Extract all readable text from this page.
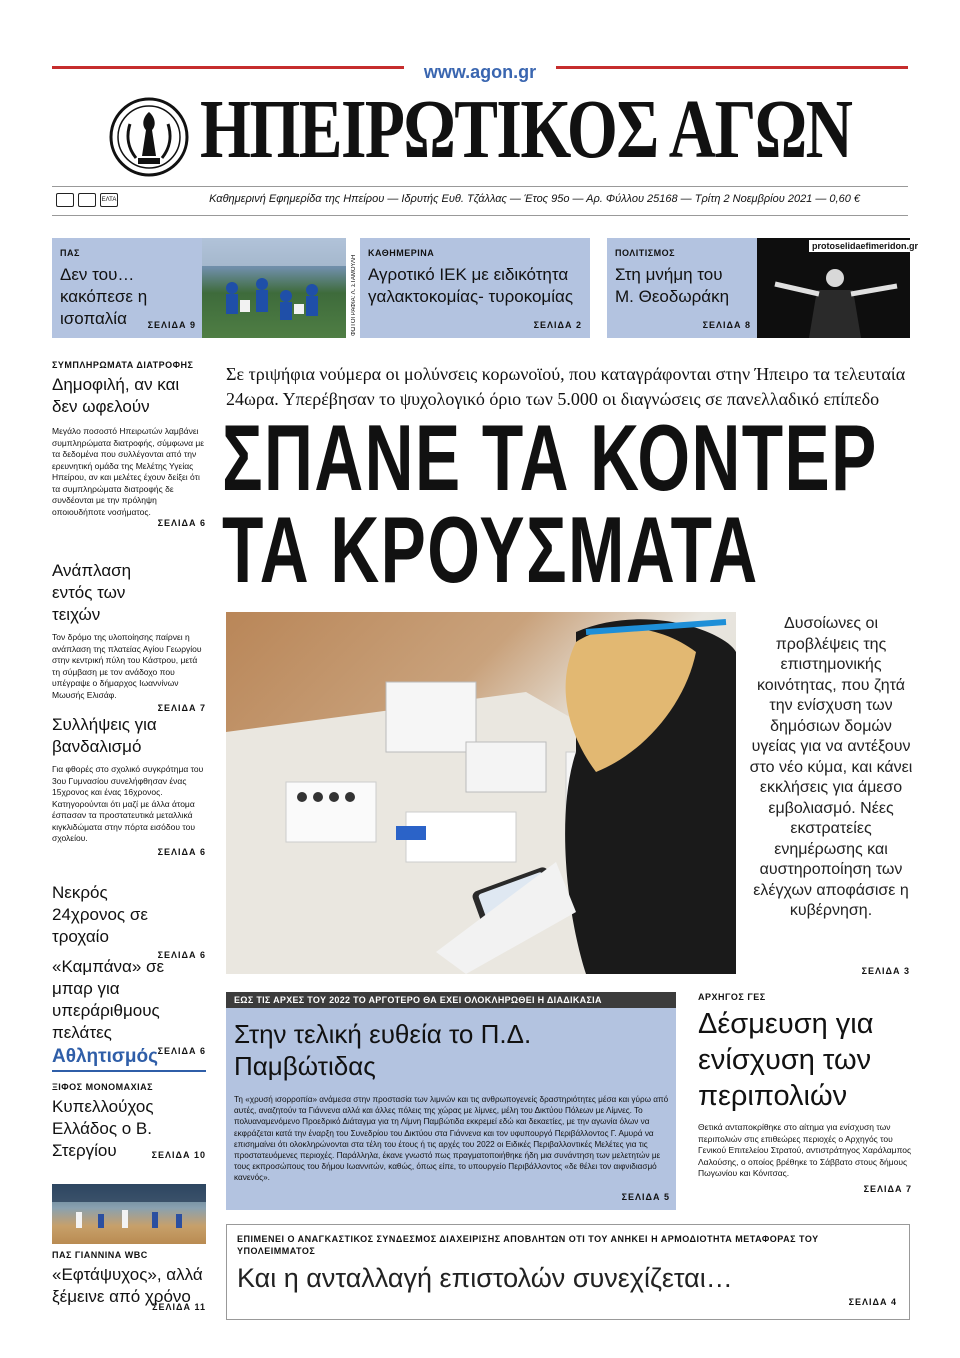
www.agon.gr
ΗΠΕΙΡΩΤΙΚΟΣ ΑΓΩΝ
ΕΛΤΑ	Καθημερινή Εφημερίδα της Ηπείρου — Ιδρυτής Ευθ. Τζάλλας — Έτος 95ο — Αρ. Φύλλου 25168 — Τρίτη 2 Νοεμβρίου 2021 — 0,60 €
ΠΑΣ
Δεν του… κακόπεσε η ισοπαλία	ΣΕΛΙΔΑ 9	ΦΩΤΟΓΡΑΦΙΑ: Λ. ΣΤΑΜΟΥΛΗ
ΚΑΘΗΜΕΡΙΝΑ
Αγροτικό ΙΕΚ με ειδικότητα γαλακτοκομίας- τυροκομίας
ΣΕΛΙΔΑ 2
ΠΟΛΙΤΙΣΜΟΣ
Στη μνήμη του Μ. Θεοδωράκη
ΣΕΛΙΔΑ 8
protoselidaefimeridon.gr
ΣΥΜΠΛΗΡΩΜΑΤΑ ΔΙΑΤΡΟΦΗΣ
Δημοφιλή, αν και δεν ωφελούν
Μεγάλο ποσοστό Ηπειρωτών λαμβάνει συμπληρώματα διατροφής, σύμφωνα με τα δεδομένα που συλλέγονται από την ερευνητική ομάδα της Μελέτης Υγείας Ηπείρου, αν και μελέτες έχουν δείξει ότι τα συμπληρώματα διατροφής δε συνδέονται με την πρόληψη οποιουδήποτε νοσήματος.
ΣΕΛΙΔΑ 6
Ανάπλαση εντός των τειχών
Τον δρόμο της υλοποίησης παίρνει η ανάπλαση της πλατείας Αγίου Γεωργίου στην κεντρική πύλη του Κάστρου, μετά τη σύμβαση με τον ανάδοχο που υπέγραψε ο δήμαρχος Ιωαννίνων Μωυσής Ελισάφ.
ΣΕΛΙΔΑ 7
Συλλήψεις για βανδαλισμό
Για φθορές στο σχολικό συγκρότημα του 3ου Γυμνασίου συνελήφθησαν ένας 15χρονος και ένας 16χρονος. Κατηγορούνται ότι μαζί με άλλα άτομα έσπασαν τα προστατευτικά μεταλλικά κιγκλιδώματα στην πόρτα εισόδου του σχολείου.
ΣΕΛΙΔΑ 6
Νεκρός 24χρονος σε τροχαίο
ΣΕΛΙΔΑ 6
«Καμπάνα» σε μπαρ για υπεράριθμους πελάτες
ΣΕΛΙΔΑ 6
Αθλητισμός
ΞΙΦΟΣ ΜΟΝΟΜΑΧΙΑΣ
Κυπελλούχος Ελλάδος ο Β. Στεργίου	ΣΕΛΙΔΑ 10
ΠΑΣ ΓΙΑΝΝΙΝΑ WBC
«Εφτάψυχος», αλλά ξέμεινε από χρόνο
ΣΕΛΙΔΑ 11
Σε τριψήφια νούμερα οι μολύνσεις κορωνοϊού, που καταγράφονται στην Ήπειρο τα τελευταία 24ωρα. Υπερέβησαν το ψυχολογικό όριο των 5.000 οι διαγνώσεις σε πανελλαδικό επίπεδο
ΣΠΑΝΕ ΤΑ ΚΟΝΤΕΡ
ΤΑ ΚΡΟΥΣΜΑΤΑ
Δυσοίωνες οι προβλέψεις της επιστημονικής κοινότητας, που ζητά την ενίσχυση των δημόσιων δομών υγείας για να αντέξουν στο νέο κύμα, και κάνει εκκλήσεις για άμεσο εμβολιασμό. Νέες εκστρατείες ενημέρωσης και αυστηροποίηση των ελέγχων αποφάσισε η κυβέρνηση.
ΣΕΛΙΔΑ 3
ΕΩΣ ΤΙΣ ΑΡΧΕΣ ΤΟΥ 2022 ΤΟ ΑΡΓΟΤΕΡΟ ΘΑ ΕΧΕΙ ΟΛΟΚΛΗΡΩΘΕΙ Η ΔΙΑΔΙΚΑΣΙΑ
Στην τελική ευθεία το Π.Δ. Παμβώτιδας
Τη «χρυσή ισορροπία» ανάμεσα στην προστασία των λιμνών και τις ανθρωπογενείς δραστηριότητες μέσα και γύρω από αυτές, αναζητούν τα Γιάννενα αλλά και άλλες πόλεις της χώρας με λίμνες, μέλη του Δικτύου Πόλεων με Λίμνες. Το πολυαναμενόμενο Προεδρικό Διάταγμα για τη Λίμνη Παμβώτιδα εκκρεμεί εδώ και δεκαετίες, με την αγωνία όλων να εκφράζεται κατά την έναρξη του Συνεδρίου του Δικτύου στα Γιάννενα και τον υφυπουργό Περιβάλλοντος Γ. Αμυρά να επισημαίνει ότι ολοκληρώνονται στα τέλη του έτους ή τις αρχές του 2022 οι Ειδικές Περιβαλλοντικές Μελέτες για τις προστατευόμενες περιοχές. Παράλληλα, έκανε γνωστό πως πραγματοποιήθηκε ήδη μια συνάντηση των μελετητών με τους εκπροσώπους του δήμου Ιωαννιτών, καθώς, όπως είπε, το υπουργείο Περιβάλλοντος «δε θέλει τον αιφνιδιασμό κανενός».
ΣΕΛΙΔΑ 5
ΑΡΧΗΓΟΣ ΓΕΣ
Δέσμευση για ενίσχυση των περιπολιών
Θετικά ανταποκρίθηκε στο αίτημα για ενίσχυση των περιπολιών στις επιθεώρες περιοχές ο Αρχηγός του Γενικού Επιτελείου Στρατού, αντιστράτηγος Χαράλαμπος Λαλούσης, ο οποίος βρέθηκε το Σάββατο στους δήμους Πωγωνίου και Κόνιτσας.
ΣΕΛΙΔΑ 7
ΕΠΙΜΕΝΕΙ Ο ΑΝΑΓΚΑΣΤΙΚΟΣ ΣΥΝΔΕΣΜΟΣ ΔΙΑΧΕΙΡΙΣΗΣ ΑΠΟΒΛΗΤΩΝ ΟΤΙ ΤΟΥ ΑΝΗΚΕΙ Η ΑΡΜΟΔΙΟΤΗΤΑ ΜΕΤΑΦΟΡΑΣ ΤΟΥ ΥΠΟΛΕΙΜΜΑΤΟΣ
Και η ανταλλαγή επιστολών συνεχίζεται…
ΣΕΛΙΔΑ 4
